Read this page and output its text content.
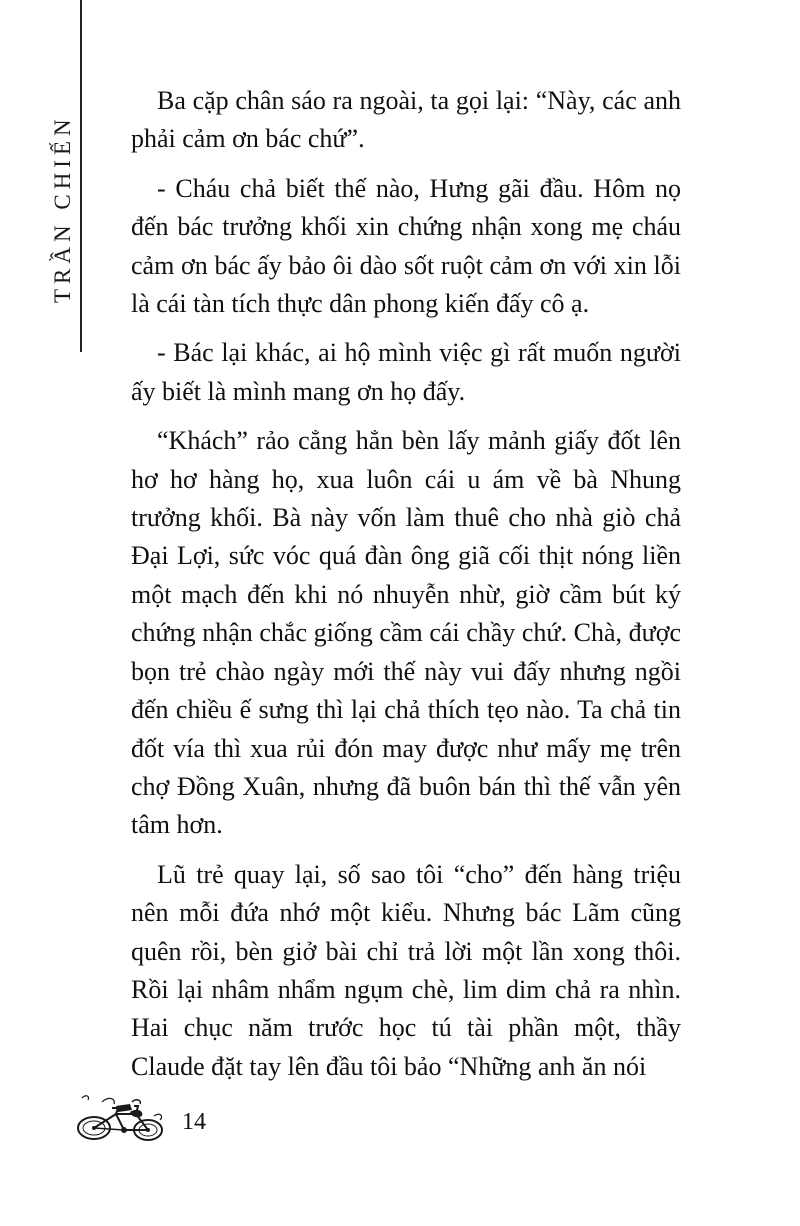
TRẦN CHIẾN
Ba cặp chân sáo ra ngoài, ta gọi lại: “Này, các anh
phải cảm ơn bác chứ”.
- Cháu chả biết thế nào, Hưng gãi đầu. Hôm nọ
đến bác trưởng khối xin chứng nhận xong mẹ cháu
cảm ơn bác ấy bảo ôi dào sốt ruột cảm ơn với xin lỗi
là cái tàn tích thực dân phong kiến đấy cô ạ.
- Bác lại khác, ai hộ mình việc gì rất muốn người
ấy biết là mình mang ơn họ đấy.
“Khách” rảo cẳng hẳn bèn lấy mảnh giấy đốt lên
hơ hơ hàng họ, xua luôn cái u ám về bà Nhung
trưởng khối. Bà này vốn làm thuê cho nhà giò chả
Đại Lợi, sức vóc quá đàn ông giã cối thịt nóng liền
một mạch đến khi nó nhuyễn nhừ, giờ cầm bút ký
chứng nhận chắc giống cầm cái chầy chứ. Chà, được
bọn trẻ chào ngày mới thế này vui đấy nhưng ngồi
đến chiều ế sưng thì lại chả thích tẹo nào. Ta chả tin
đốt vía thì xua rủi đón may được như mấy mẹ trên
chợ Đồng Xuân, nhưng đã buôn bán thì thế vẫn yên
tâm hơn.
Lũ trẻ quay lại, số sao tôi “cho” đến hàng triệu
nên mỗi đứa nhớ một kiểu. Nhưng bác Lãm cũng
quên rồi, bèn giở bài chỉ trả lời một lần xong thôi.
Rồi lại nhâm nhẩm ngụm chè, lim dim chả ra nhìn.
Hai chục năm trước học tú tài phần một, thầy
Claude đặt tay lên đầu tôi bảo “Những anh ăn nói
14
